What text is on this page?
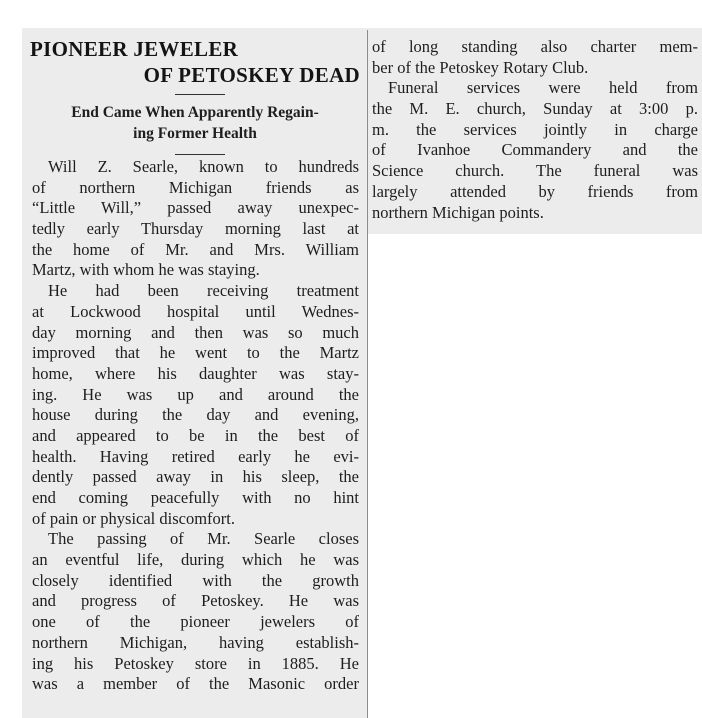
PIONEER JEWELER
OF PETOSKEY DEAD
End Came When Apparently Regain-
ing Former Health
Will Z. Searle, known to hundreds
of northern Michigan friends as
“Little Will,” passed away unexpec-
tedly early Thursday morning last at
the home of Mr. and Mrs. William
Martz, with whom he was staying.
He had been receiving treatment
at Lockwood hospital until Wednes-
day morning and then was so much
improved that he went to the Martz
home, where his daughter was stay-
ing. He was up and around the
house during the day and evening,
and appeared to be in the best of
health. Having retired early he evi-
dently passed away in his sleep, the
end coming peacefully with no hint
of pain or physical discomfort.
The passing of Mr. Searle closes
an eventful life, during which he was
closely identified with the growth
and progress of Petoskey. He was
one of the pioneer jewelers of
northern Michigan, having establish-
ing his Petoskey store in 1885. He
was a member of the Masonic order
of long standing also charter mem-
ber of the Petoskey Rotary Club.
Funeral services were held from
the M. E. church, Sunday at 3:00 p.
m. the services jointly in charge
of Ivanhoe Commandery and the
Science church. The funeral was
largely attended by friends from
northern Michigan points.
